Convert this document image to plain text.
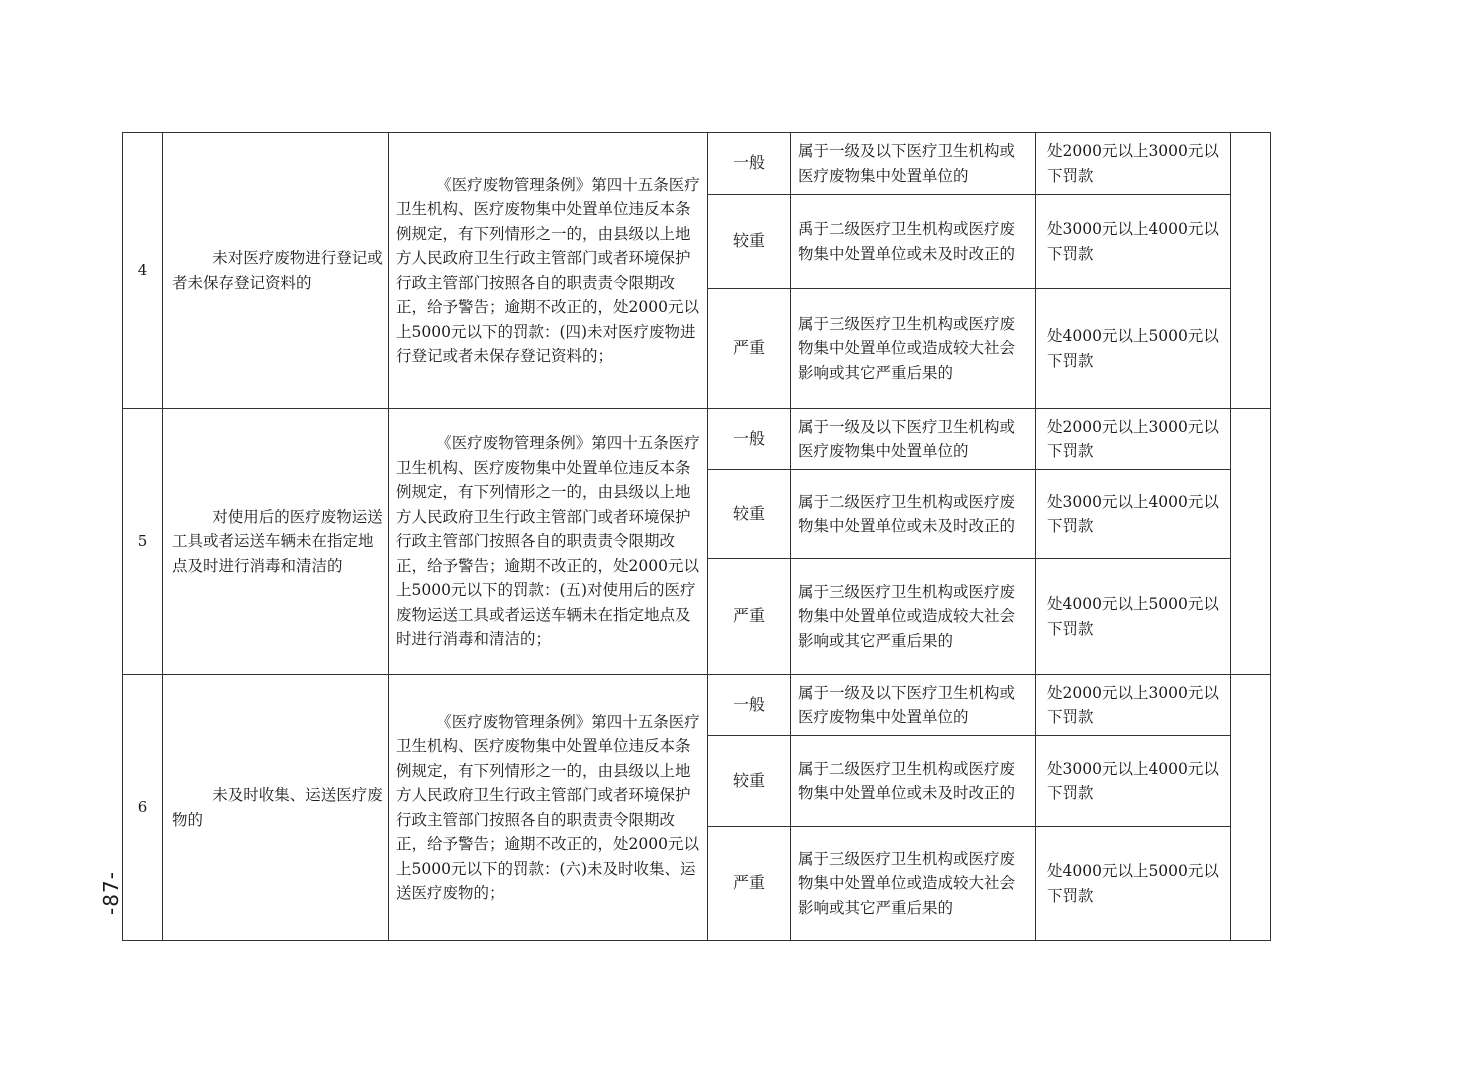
-87-
4	未对医疗废物进行登记或者未保存登记资料的	《医疗废物管理条例》第四十五条医疗卫生机构、医疗废物集中处置单位违反本条例规定，有下列情形之一的，由县级以上地方人民政府卫生行政主管部门或者环境保护行政主管部门按照各自的职责责令限期改正，给予警告；逾期不改正的，处2000元以上5000元以下的罚款：(四)未对医疗废物进行登记或者未保存登记资料的；	一般	属于一级及以下医疗卫生机构或医疗废物集中处置单位的	处2000元以上3000元以下罚款	
			较重	禹于二级医疗卫生机构或医疗废物集中处置单位或未及时改正的	处3000元以上4000元以下罚款	
			严重	属于三级医疗卫生机构或医疗废物集中处置单位或造成较大社会影响或其它严重后果的	处4000元以上5000元以下罚款	
5	对使用后的医疗废物运送工具或者运送车辆未在指定地点及时进行消毒和清洁的	《医疗废物管理条例》第四十五条医疗卫生机构、医疗废物集中处置单位违反本条例规定，有下列情形之一的，由县级以上地方人民政府卫生行政主管部门或者环境保护行政主管部门按照各自的职责责令限期改正，给予警告；逾期不改正的，处2000元以上5000元以下的罚款：(五)对使用后的医疗废物运送工具或者运送车辆未在指定地点及时进行消毒和清洁的；	一般	属于一级及以下医疗卫生机构或医疗废物集中处置单位的	处2000元以上3000元以下罚款	
			较重	属于二级医疗卫生机构或医疗废物集中处置单位或未及时改正的	处3000元以上4000元以下罚款	
			严重	属于三级医疗卫生机构或医疗废物集中处置单位或造成较大社会影响或其它严重后果的	处4000元以上5000元以下罚款	
6	未及时收集、运送医疗废物的	《医疗废物管理条例》第四十五条医疗卫生机构、医疗废物集中处置单位违反本条例规定，有下列情形之一的，由县级以上地方人民政府卫生行政主管部门或者环境保护行政主管部门按照各自的职责责令限期改正，给予警告；逾期不改正的，处2000元以上5000元以下的罚款：(六)未及时收集、运送医疗废物的；	一般	属于一级及以下医疗卫生机构或医疗废物集中处置单位的	处2000元以上3000元以下罚款	
			较重	属于二级医疗卫生机构或医疗废物集中处置单位或未及时改正的	处3000元以上4000元以下罚款	
			严重	属于三级医疗卫生机构或医疗废物集中处置单位或造成较大社会影响或其它严重后果的	处4000元以上5000元以下罚款	
